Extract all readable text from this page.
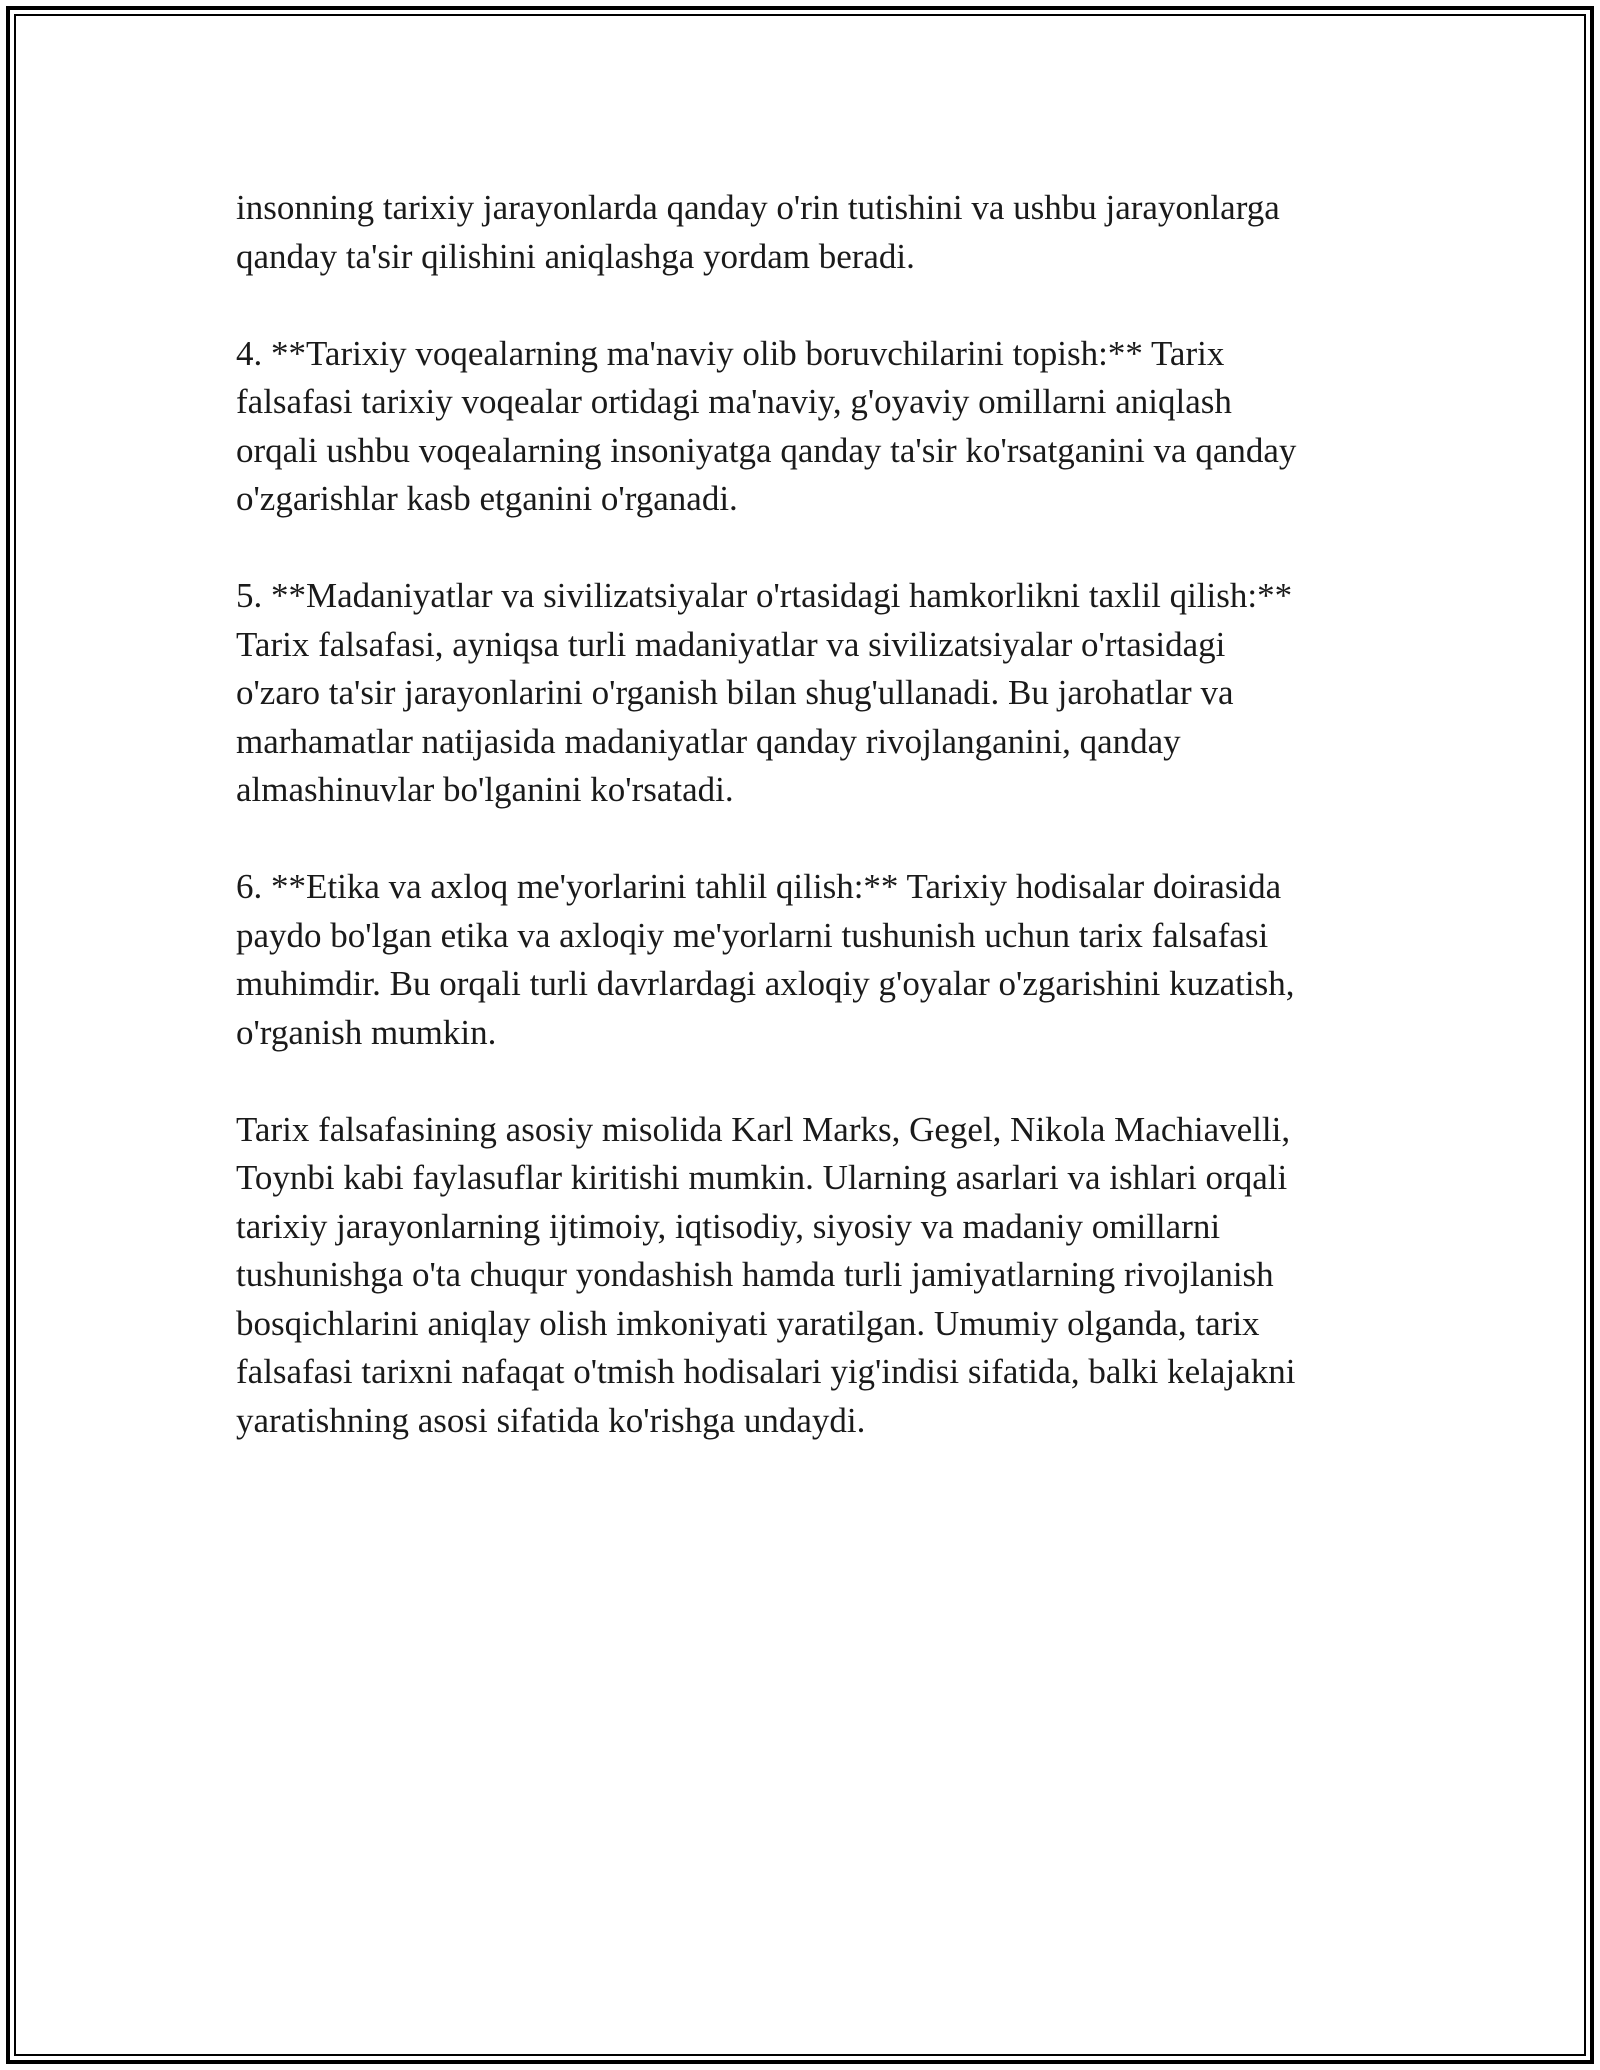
insonning tarixiy jarayonlarda qanday o'rin tutishini va ushbu jarayonlarga
qanday ta'sir qilishini aniqlashga yordam beradi.

4. **Tarixiy voqealarning ma'naviy olib boruvchilarini topish:** Tarix
falsafasi tarixiy voqealar ortidagi ma'naviy, g'oyaviy omillarni aniqlash
orqali ushbu voqealarning insoniyatga qanday ta'sir ko'rsatganini va qanday
o'zgarishlar kasb etganini o'rganadi.

5. **Madaniyatlar va sivilizatsiyalar o'rtasidagi hamkorlikni taxlil qilish:**
Tarix falsafasi, ayniqsa turli madaniyatlar va sivilizatsiyalar o'rtasidagi
o'zaro ta'sir jarayonlarini o'rganish bilan shug'ullanadi. Bu jarohatlar va
marhamatlar natijasida madaniyatlar qanday rivojlanganini, qanday
almashinuvlar bo'lganini ko'rsatadi.

6. **Etika va axloq me'yorlarini tahlil qilish:** Tarixiy hodisalar doirasida
paydo bo'lgan etika va axloqiy me'yorlarni tushunish uchun tarix falsafasi
muhimdir. Bu orqali turli davrlardagi axloqiy g'oyalar o'zgarishini kuzatish,
o'rganish mumkin.

Tarix falsafasining asosiy misolida Karl Marks, Gegel, Nikola Machiavelli,
Toynbi kabi faylasuflar kiritishi mumkin. Ularning asarlari va ishlari orqali
tarixiy jarayonlarning ijtimoiy, iqtisodiy, siyosiy va madaniy omillarni
tushunishga o'ta chuqur yondashish hamda turli jamiyatlarning rivojlanish
bosqichlarini aniqlay olish imkoniyati yaratilgan. Umumiy olganda, tarix
falsafasi tarixni nafaqat o'tmish hodisalari yig'indisi sifatida, balki kelajakni
yaratishning asosi sifatida ko'rishga undaydi.
